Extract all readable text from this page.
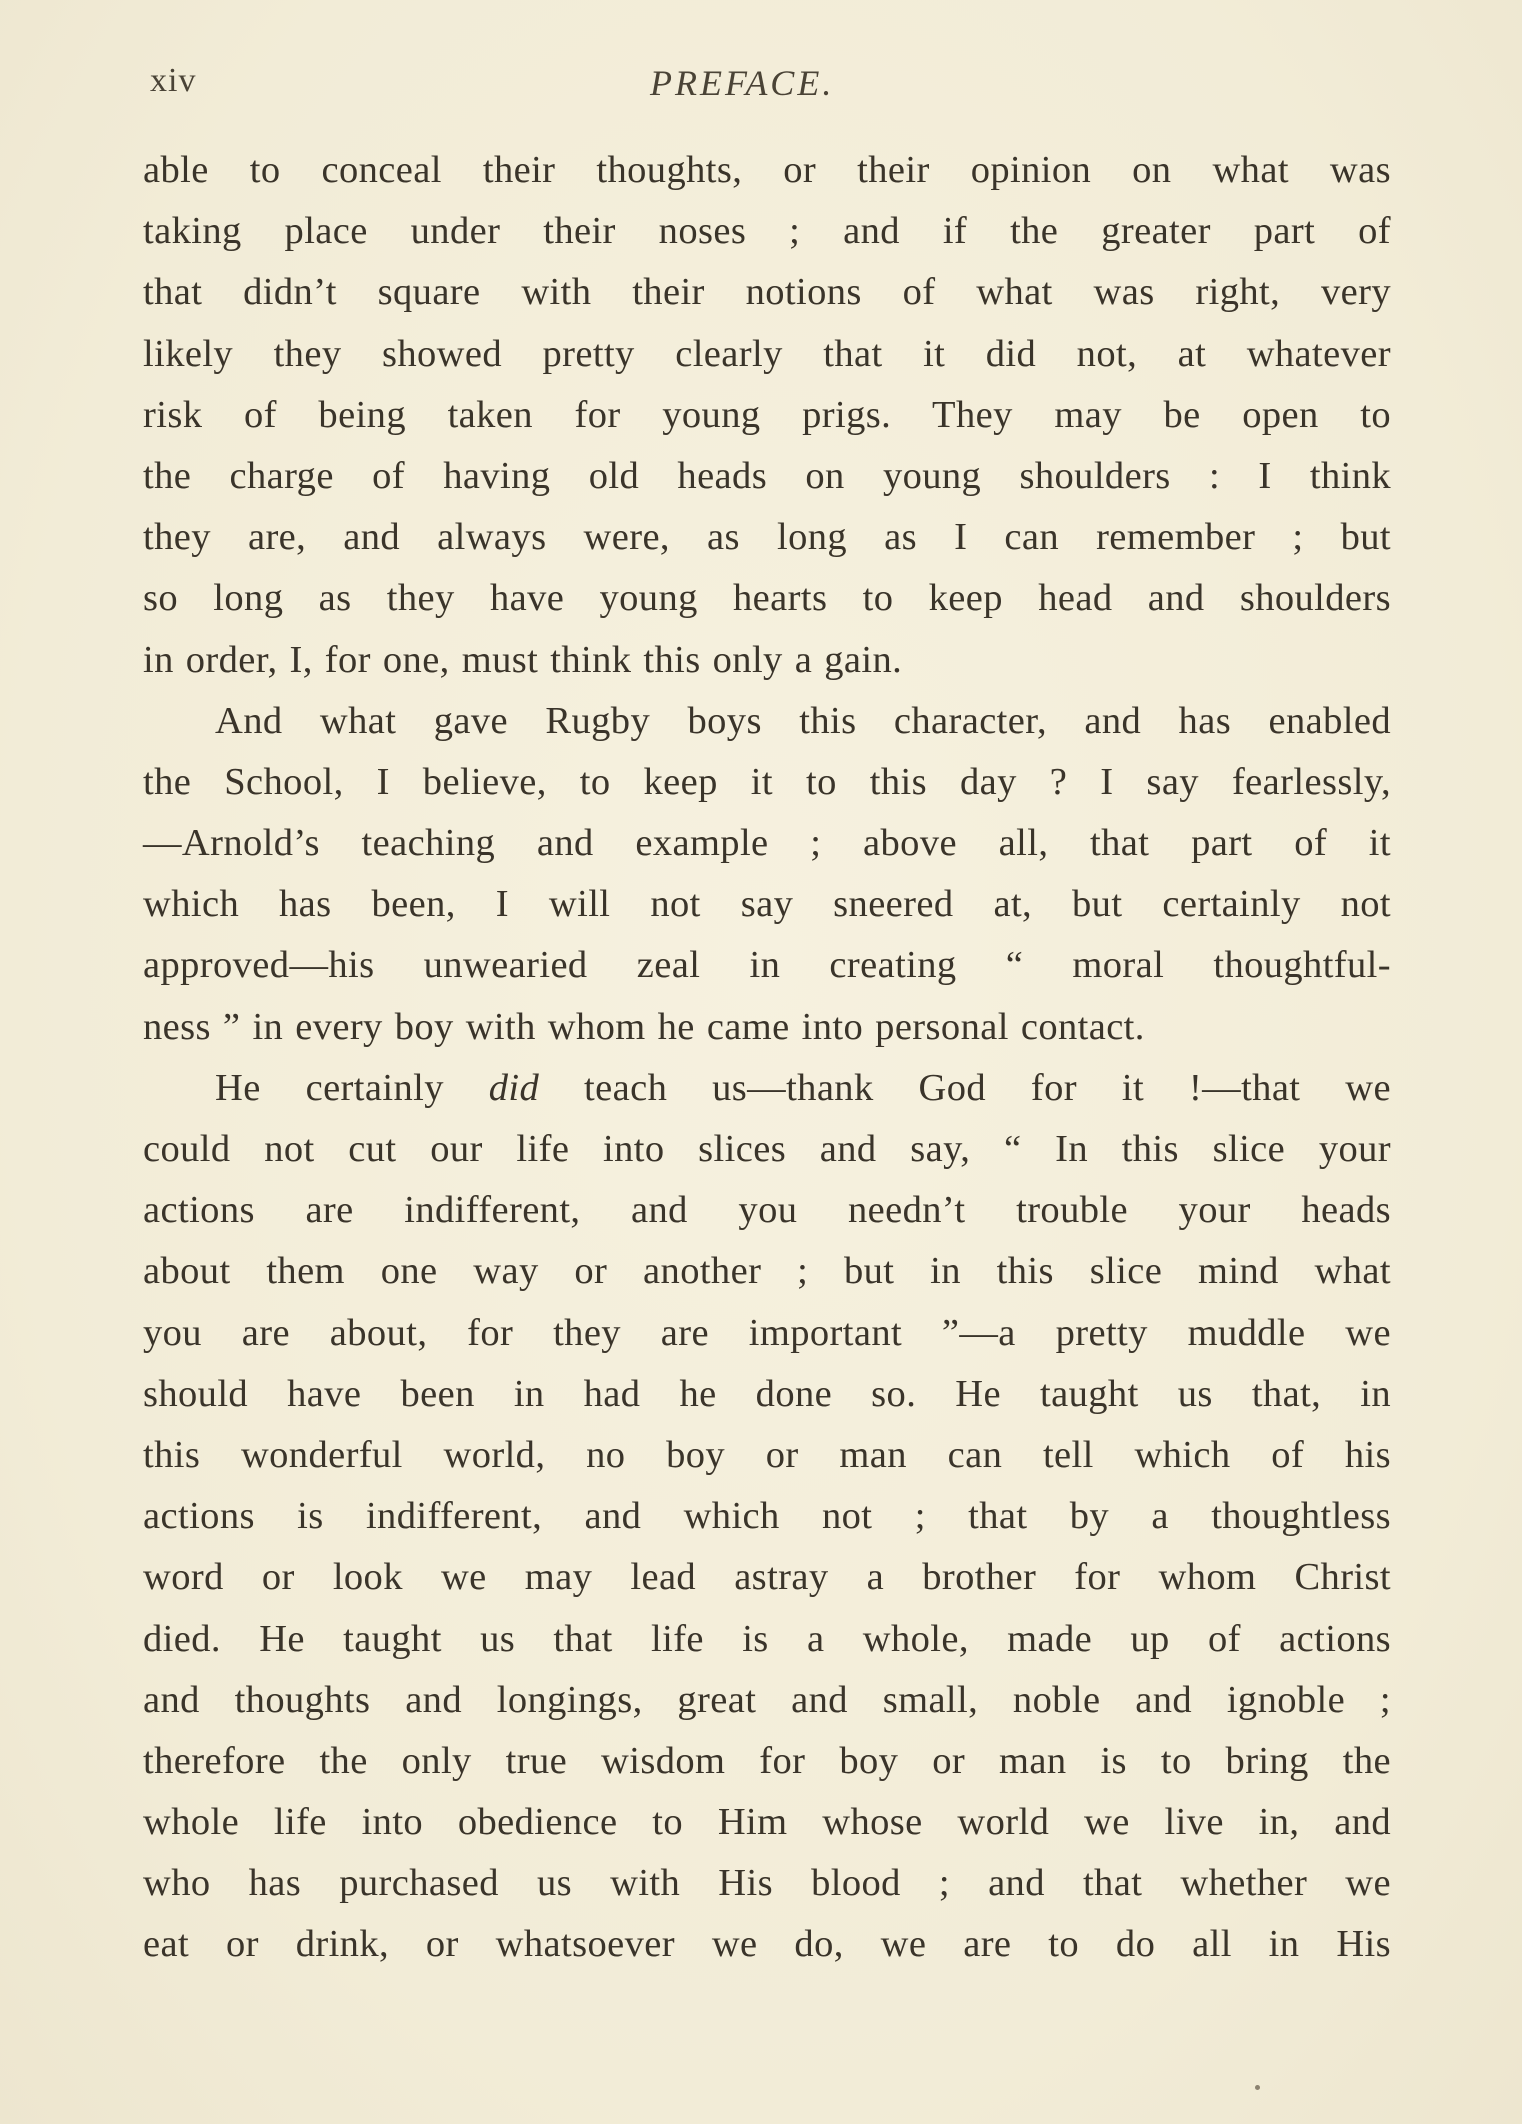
xiv	PREFACE.
able to conceal their thoughts, or their opinion on what was
taking place under their noses ; and if the greater part of
that didn’t square with their notions of what was right, very
likely they showed pretty clearly that it did not, at whatever
risk of being taken for young prigs. They may be open to
the charge of having old heads on young shoulders : I think
they are, and always were, as long as I can remember ; but
so long as they have young hearts to keep head and shoulders
in order, I, for one, must think this only a gain.
And what gave Rugby boys this character, and has enabled
the School, I believe, to keep it to this day ? I say fearlessly,
—Arnold’s teaching and example ; above all, that part of it
which has been, I will not say sneered at, but certainly not
approved—his unwearied zeal in creating “ moral thoughtful-
ness ” in every boy with whom he came into personal contact.
He certainly did teach us—thank God for it !—that we
could not cut our life into slices and say, “ In this slice your
actions are indifferent, and you needn’t trouble your heads
about them one way or another ; but in this slice mind what
you are about, for they are important ”—a pretty muddle we
should have been in had he done so. He taught us that, in
this wonderful world, no boy or man can tell which of his
actions is indifferent, and which not ; that by a thoughtless
word or look we may lead astray a brother for whom Christ
died. He taught us that life is a whole, made up of actions
and thoughts and longings, great and small, noble and ignoble ;
therefore the only true wisdom for boy or man is to bring the
whole life into obedience to Him whose world we live in, and
who has purchased us with His blood ; and that whether we
eat or drink, or whatsoever we do, we are to do all in His
